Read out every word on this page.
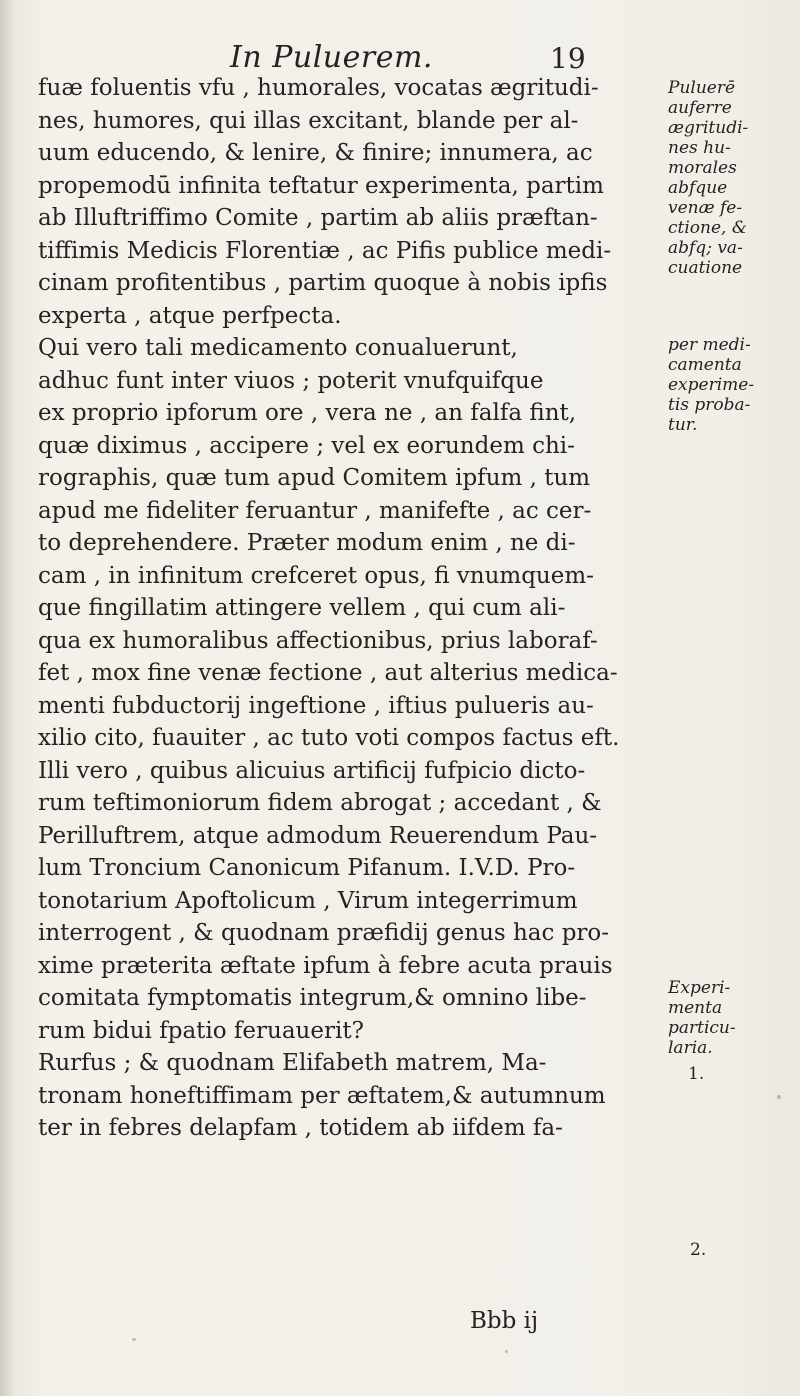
In Puluerem.	19
fuæ foluentis vfu , humorales, vocatas ægritudi-
nes, humores, qui illas excitant, blande per al-
uum educendo, & lenire, & finire; innumera, ac
propemodū infinita teftatur experimenta, partim
ab Illuftriffimo Comite , partim ab aliis præftan-
tiffimis Medicis Florentiæ , ac Pifis publice medi-
cinam profitentibus , partim quoque à nobis ipfis
experta , atque perfpecta.
Qui vero tali medicamento conualuerunt,
adhuc funt inter viuos ; poterit vnufquifque
ex proprio ipforum ore , vera ne , an falfa fint,
quæ diximus , accipere ; vel ex eorundem chi-
rographis, quæ tum apud Comitem ipfum , tum
apud me fideliter feruantur , manifefte , ac cer-
to deprehendere. Præter modum enim , ne di-
cam , in infinitum crefceret opus, fi vnumquem-
que fingillatim attingere vellem , qui cum ali-
qua ex humoralibus affectionibus, prius laboraf-
fet , mox fine venæ fectione , aut alterius medica-
menti fubductorij ingeftione , iftius pulueris au-
xilio cito, fuauiter , ac tuto voti compos factus eft.
Illi vero , quibus alicuius artificij fufpicio dicto-
rum teftimoniorum fidem abrogat ; accedant , &
Perilluftrem, atque admodum Reuerendum Pau-
lum Troncium Canonicum Pifanum. I.V.D. Pro-
tonotarium Apoftolicum , Virum integerrimum
interrogent , & quodnam præfidij genus hac pro-
xime præterita æftate ipfum à febre acuta prauis
comitata fymptomatis integrum,& omnino libe-
rum bidui fpatio feruauerit?
Rurfus ; & quodnam Elifabeth matrem, Ma-
tronam honeftiffimam per æftatem,& autumnum
ter in febres delapfam , totidem ab iifdem fa-
Puluerē
auferre
ægritudi-
nes hu-
morales
abfque
venæ fe-
ctione, &
abfq; va-
cuatione
per medi-
camenta
experime-
tis proba-
tur.
Experi-
menta
particu-
laria.
1.
2.
Bbb ij
